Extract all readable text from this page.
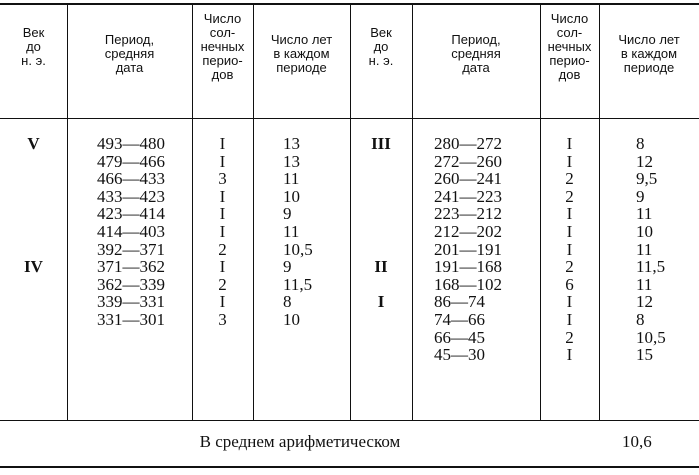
Век
до
н. э.
Период,
средняя
дата
Число
сол-
нечных
перио-
дов
Число лет
в каждом
периоде
Век
до
н. э.
Период,
средняя
дата
Число
сол-
нечных
перио-
дов
Число лет
в каждом
периоде
V
IV
493—480
479—466
466—433
433—423
423—414
414—403
392—371
371—362
362—339
339—331
331—301
I
I
3
I
I
I
2
I
2
I
3
13
13
11
10
9
11
10,5
9
11,5
8
10
III
II
I
280—272
272—260
260—241
241—223
223—212
212—202
201—191
191—168
168—102
86—74
74—66
66—45
45—30
I
I
2
2
I
I
I
2
6
I
I
2
I
8
12
9,5
9
11
10
11
11,5
11
12
8
10,5
15
В среднем арифметическом	10,6
